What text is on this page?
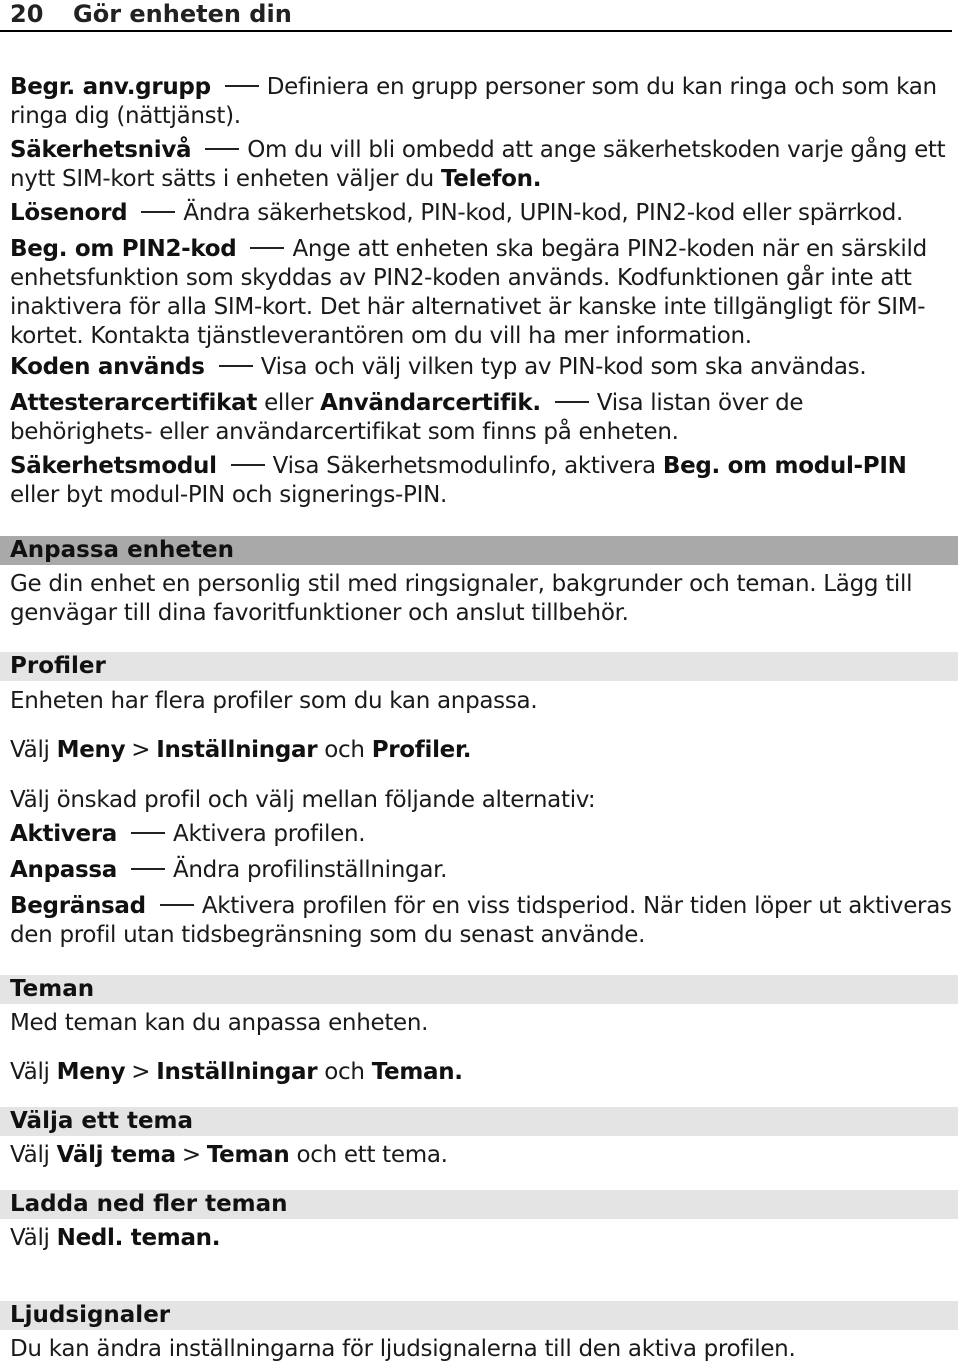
20 Gör enheten din
Begr. anv.grupp Definiera en grupp personer som du kan ringa och som kan ringa dig (nättjänst).
Säkerhetsnivå Om du vill bli ombedd att ange säkerhetskoden varje gång ett nytt SIM-kort sätts i enheten väljer du Telefon.
Lösenord Ändra säkerhetskod, PIN-kod, UPIN-kod, PIN2-kod eller spärrkod.
Beg. om PIN2-kod Ange att enheten ska begära PIN2-koden när en särskild enhetsfunktion som skyddas av PIN2-koden används. Kodfunktionen går inte att inaktivera för alla SIM-kort. Det här alternativet är kanske inte tillgängligt för SIM-kortet. Kontakta tjänstleverantören om du vill ha mer information.
Koden används Visa och välj vilken typ av PIN-kod som ska användas.
Attesterarcertifikat eller Användarcertifik. Visa listan över de behörighets- eller användarcertifikat som finns på enheten.
Säkerhetsmodul Visa Säkerhetsmodulinfo, aktivera Beg. om modul-PIN eller byt modul-PIN och signerings-PIN.
Anpassa enheten
Ge din enhet en personlig stil med ringsignaler, bakgrunder och teman. Lägg till genvägar till dina favoritfunktioner och anslut tillbehör.
Profiler
Enheten har flera profiler som du kan anpassa.
Välj Meny > Inställningar och Profiler.
Välj önskad profil och välj mellan följande alternativ:
Aktivera Aktivera profilen.
Anpassa Ändra profilinställningar.
Begränsad Aktivera profilen för en viss tidsperiod. När tiden löper ut aktiveras den profil utan tidsbegränsning som du senast använde.
Teman
Med teman kan du anpassa enheten.
Välj Meny > Inställningar och Teman.
Välja ett tema
Välj Välj tema > Teman och ett tema.
Ladda ned fler teman
Välj Nedl. teman.
Ljudsignaler
Du kan ändra inställningarna för ljudsignalerna till den aktiva profilen.
